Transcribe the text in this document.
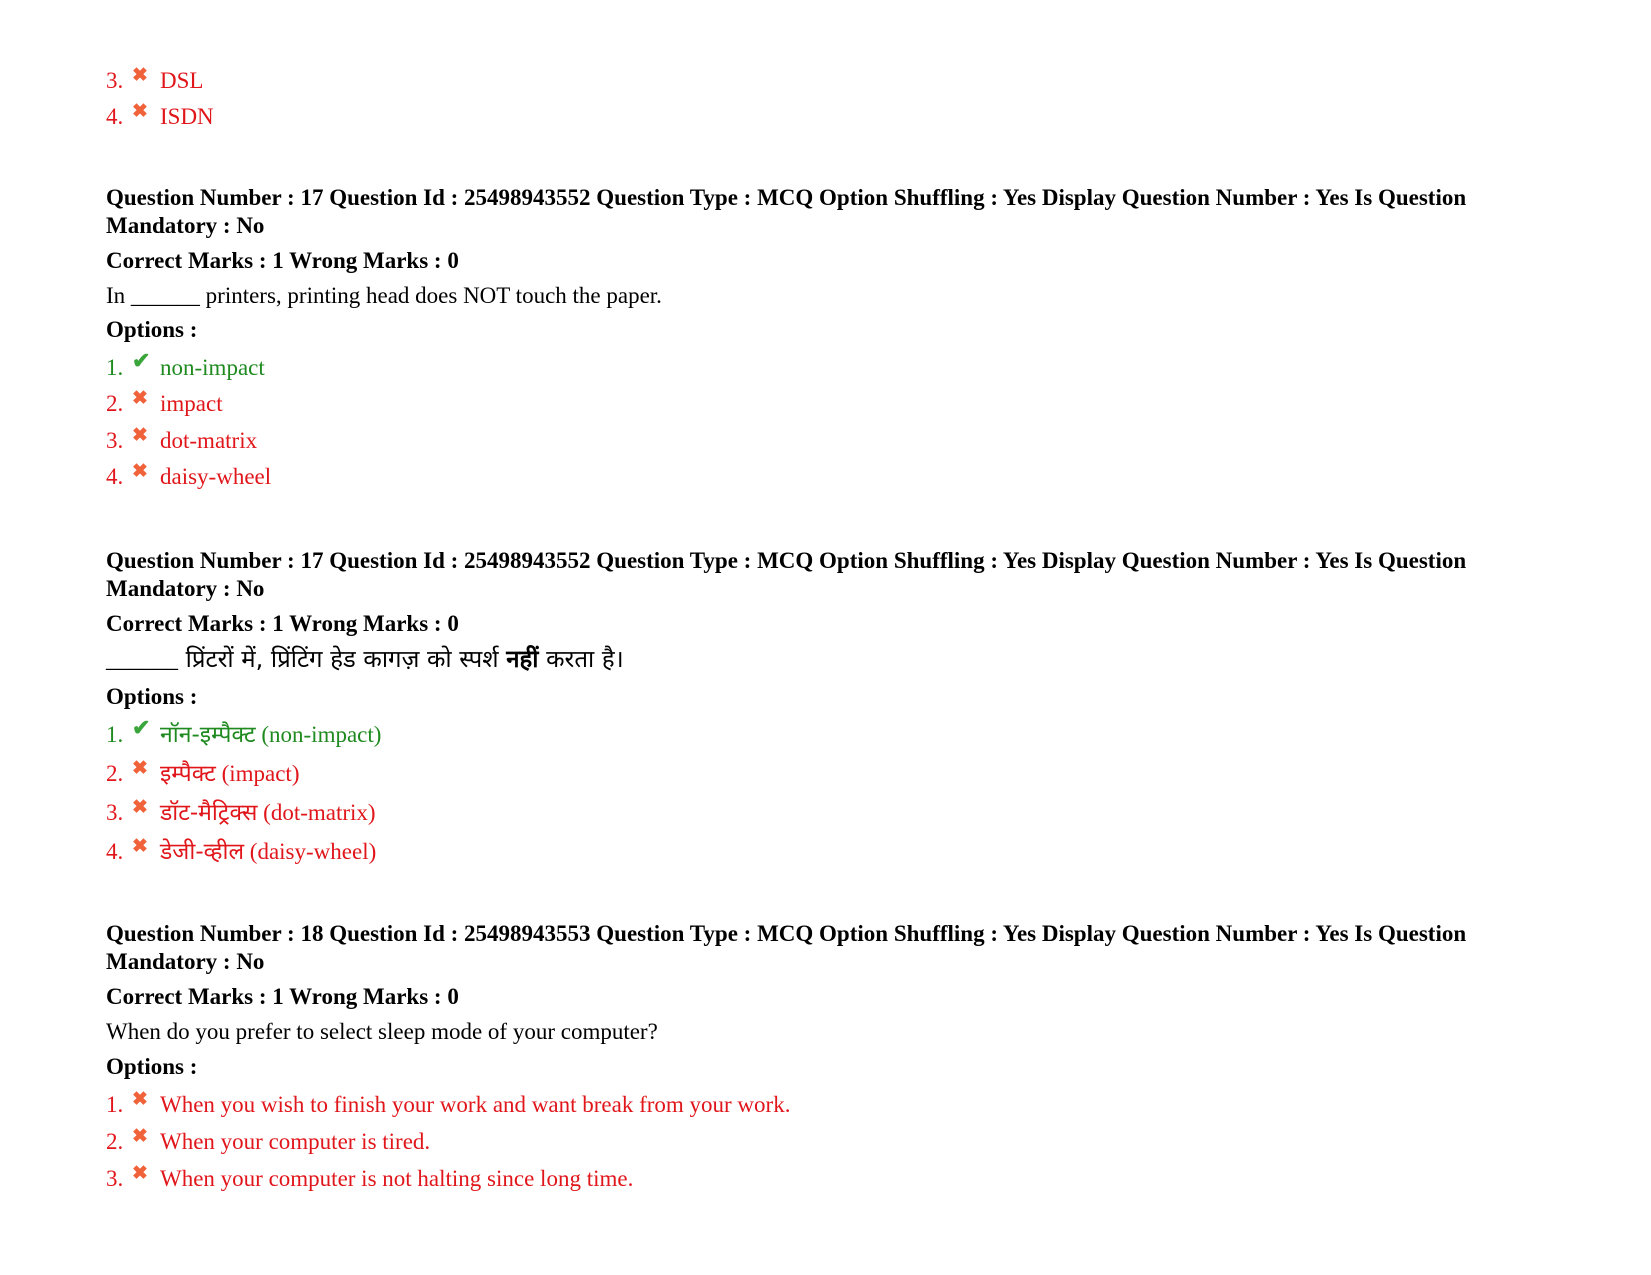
3. ✖ DSL
4. ✖ ISDN
Question Number : 17 Question Id : 25498943552 Question Type : MCQ Option Shuffling : Yes Display Question Number : Yes Is Question Mandatory : No
Correct Marks : 1 Wrong Marks : 0
In ______ printers, printing head does NOT touch the paper.
Options :
1. ✔ non-impact
2. ✖ impact
3. ✖ dot-matrix
4. ✖ daisy-wheel
Question Number : 17 Question Id : 25498943552 Question Type : MCQ Option Shuffling : Yes Display Question Number : Yes Is Question Mandatory : No
Correct Marks : 1 Wrong Marks : 0
______ प्रिंटरों में, प्रिंटिंग हेड कागज़ को स्पर्श नहीं करता है।
Options :
1. ✔ नॉन-इम्पैक्ट (non-impact)
2. ✖ इम्पैक्ट (impact)
3. ✖ डॉट-मैट्रिक्स (dot-matrix)
4. ✖ डेजी-व्हील (daisy-wheel)
Question Number : 18 Question Id : 25498943553 Question Type : MCQ Option Shuffling : Yes Display Question Number : Yes Is Question Mandatory : No
Correct Marks : 1 Wrong Marks : 0
When do you prefer to select sleep mode of your computer?
Options :
1. ✖ When you wish to finish your work and want break from your work.
2. ✖ When your computer is tired.
3. ✖ When your computer is not halting since long time.
